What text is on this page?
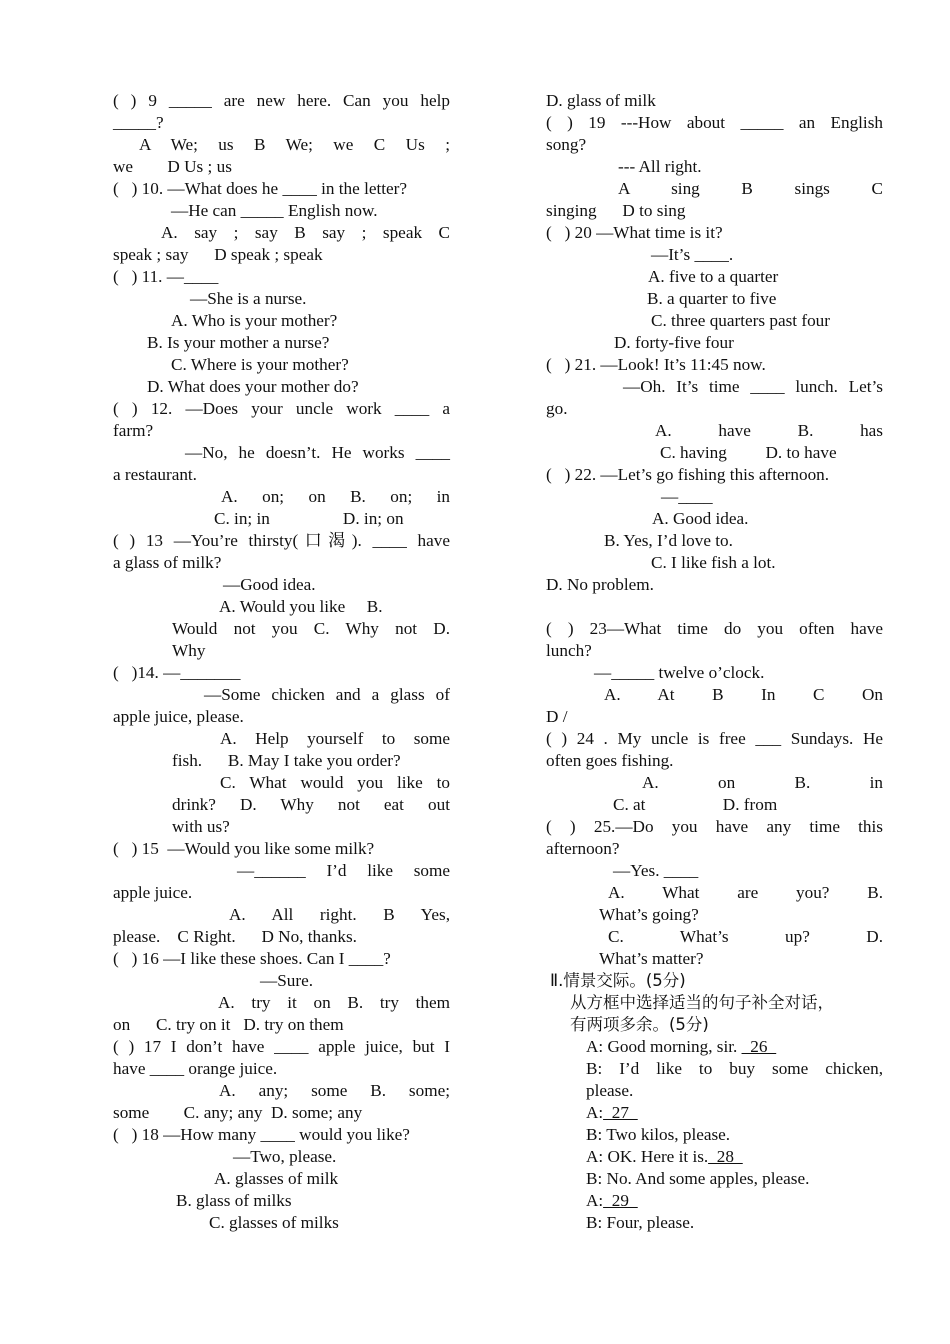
( ) 9 _____ are new here. Can you help
_____?
A We; us B We; we C Us ;
we        D Us ; us
(   ) 10. —What does he ____ in the letter?
—He can _____ English now.
A. say ; say B say ; speak C
speak ; say      D speak ; speak
(   ) 11. —____
—She is a nurse.
A. Who is your mother?
B. Is your mother a nurse?
C. Where is your mother?
D. What does your mother do?
( ) 12. —Does your uncle work ____ a
farm?
—No, he doesn’t. He works ____
a restaurant.
A. on; on B. on; in
C. in; in                 D. in; on
( ) 13 —You’re thirsty(口渴). ____ have
a glass of milk?
—Good idea.
A. Would you like     B.
Would not you C. Why not D.
Why
(   )14. —_______
—Some chicken and a glass of
apple juice, please.
A. Help yourself to some
fish.      B. May I take you order?
C. What would you like to
drink? D. Why not eat out
with us?
(   ) 15  —Would you like some milk?
—______ I’d like some
apple juice.
A. All right. B Yes,
please.    C Right.      D No, thanks.
(   ) 16 —I like these shoes. Can I ____?
—Sure.
A. try it on B. try them
on      C. try on it   D. try on them
( ) 17 I don’t have ____ apple juice, but I
have ____ orange juice.
A. any; some B. some;
some        C. any; any  D. some; any
(   ) 18 —How many ____ would you like?
—Two, please.
A. glasses of milk
B. glass of milks
C. glasses of milks
D. glass of milk
( ) 19 ---How about _____ an English
song?
--- All right.
A sing B sings C
singing      D to sing
(   ) 20 —What time is it?
—It’s ____.
A. five to a quarter
B. a quarter to five
C. three quarters past four
D. forty-five four
(   ) 21. —Look! It’s 11:45 now.
—Oh. It’s time ____ lunch. Let’s
go.
A. have B. has
C. having         D. to have
(   ) 22. —Let’s go fishing this afternoon.
—____
A. Good idea.
B. Yes, I’d love to.
C. I like fish a lot.
D. No problem.

( ) 23—What time do you often have
lunch?
—_____ twelve o’clock.
A. At B In C On
D /
( ) 24 . My uncle is free ___ Sundays. He
often goes fishing.
A. on B. in
C. at                  D. from
( ) 25.—Do you have any time this
afternoon?
—Yes. ____
A. What are you? B.
What’s going?
C. What’s up? D.
What’s matter?
Ⅱ.情景交际。(5分)
从方框中选择适当的句子补全对话，
有两项多余。(5分)
A: Good morning, sir. _26_
B: I’d like to buy some chicken,
please.
A:_27_
B: Two kilos, please.
A: OK. Here it is._28_
B: No. And some apples, please.
A:_29_
B: Four, please.
